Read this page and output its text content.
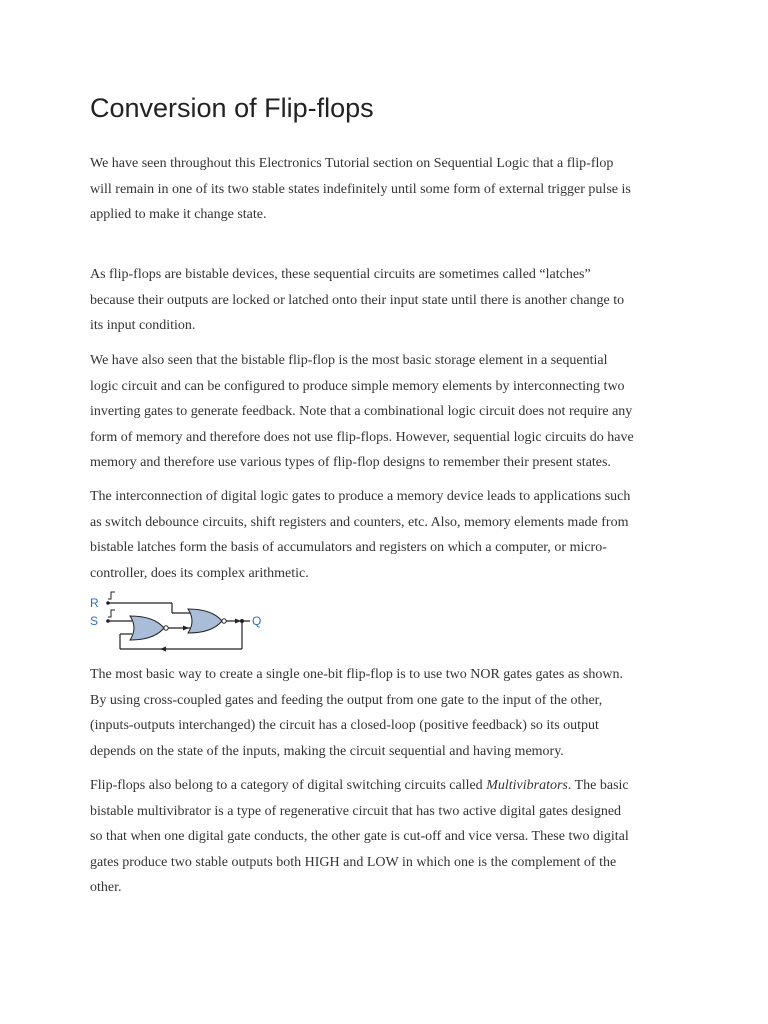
Conversion of Flip-flops

We have seen throughout this Electronics Tutorial section on Sequential Logic that a flip-flop
will remain in one of its two stable states indefinitely until some form of external trigger pulse is
applied to make it change state.

As flip-flops are bistable devices, these sequential circuits are sometimes called “latches”
because their outputs are locked or latched onto their input state until there is another change to
its input condition.

We have also seen that the bistable flip-flop is the most basic storage element in a sequential
logic circuit and can be configured to produce simple memory elements by interconnecting two
inverting gates to generate feedback. Note that a combinational logic circuit does not require any
form of memory and therefore does not use flip-flops. However, sequential logic circuits do have
memory and therefore use various types of flip-flop designs to remember their present states.

The interconnection of digital logic gates to produce a memory device leads to applications such
as switch debounce circuits, shift registers and counters, etc. Also, memory elements made from
bistable latches form the basis of accumulators and registers on which a computer, or micro-
controller, does its complex arithmetic.

R
S	Q

The most basic way to create a single one-bit flip-flop is to use two NOR gates gates as shown.
By using cross-coupled gates and feeding the output from one gate to the input of the other,
(inputs-outputs interchanged) the circuit has a closed-loop (positive feedback) so its output
depends on the state of the inputs, making the circuit sequential and having memory.

Flip-flops also belong to a category of digital switching circuits called Multivibrators. The basic
bistable multivibrator is a type of regenerative circuit that has two active digital gates designed
so that when one digital gate conducts, the other gate is cut-off and vice versa. These two digital
gates produce two stable outputs both HIGH and LOW in which one is the complement of the
other.
